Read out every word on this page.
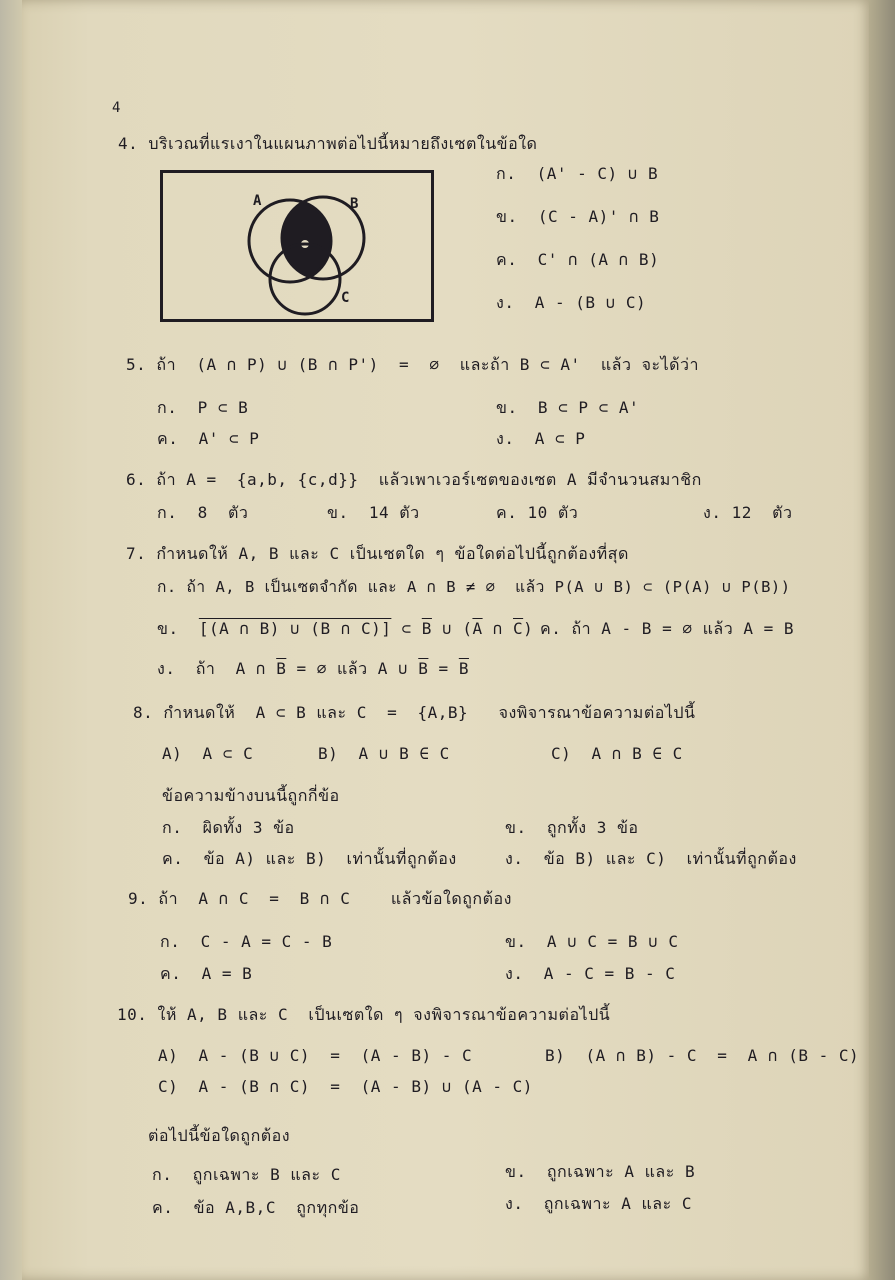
4
4. บริเวณที่แรเงาในแผนภาพต่อไปนี้หมายถึงเซตในข้อใด
A	B
C
ก.  (A' - C) ∪ B
ข.  (C - A)' ∩ B
ค.  C' ∩ (A ∩ B)
ง.  A - (B ∪ C)
5. ถ้า  (A ∩ P) ∪ (B ∩ P')  =  ∅  และถ้า B ⊂ A'  แล้ว จะได้ว่า
ก.  P ⊂ B	ข.  B ⊂ P ⊂ A'
ค.  A' ⊂ P	ง.  A ⊂ P
6. ถ้า A =  {a,b, {c,d}}  แล้วเพาเวอร์เซตของเซต A มีจำนวนสมาชิก
ก.  8  ตัว	ข.  14 ตัว	ค. 10 ตัว	ง. 12  ตัว
7. กำหนดให้ A, B และ C เป็นเซตใด ๆ ข้อใดต่อไปนี้ถูกต้องที่สุด
ก. ถ้า A, B เป็นเซตจำกัด และ A ∩ B ≠ ∅  แล้ว P(A ∪ B) ⊂ (P(A) ∪ P(B))
ข.  [(A ∩ B) ∪ (B ∩ C)] ⊂ $\overline{B}$ ∪ ($\overline{A}$ ∩ $\overline{C}$) ค. ถ้า A - B = ∅ แล้ว A = B
ง.  ถ้า  A ∩ $\overline{B}$ = ∅ แล้ว A ∪ $\overline{B} = \overline{B}$
8. กำหนดให้  A ⊂ B และ C  =  {A,B}   จงพิจารณาข้อความต่อไปนี้
A)  A ⊂ C	B)  A ∪ B ∈ C	C)  A ∩ B ∈ C
ข้อความข้างบนนี้ถูกกี่ข้อ
ก.  ผิดทั้ง 3 ข้อ	ข.  ถูกทั้ง 3 ข้อ
ค.  ข้อ A) และ B)  เท่านั้นที่ถูกต้อง	ง.  ข้อ B) และ C)  เท่านั้นที่ถูกต้อง
9. ถ้า  A ∩ C  =  B ∩ C    แล้วข้อใดถูกต้อง
ก.  C - A = C - B	ข.  A ∪ C = B ∪ C
ค.  A = B	ง.  A - C = B - C
10. ให้ A, B และ C  เป็นเซตใด ๆ จงพิจารณาข้อความต่อไปนี้
A)  A - (B ∪ C)  =  (A - B) - C	B)  (A ∩ B) - C  =  A ∩ (B - C)
C)  A - (B ∩ C)  =  (A - B) ∪ (A - C)
ต่อไปนี้ข้อใดถูกต้อง
ก.  ถูกเฉพาะ B และ C	ข.  ถูกเฉพาะ A และ B
ค.  ข้อ A,B,C  ถูกทุกข้อ	ง.  ถูกเฉพาะ A และ C
